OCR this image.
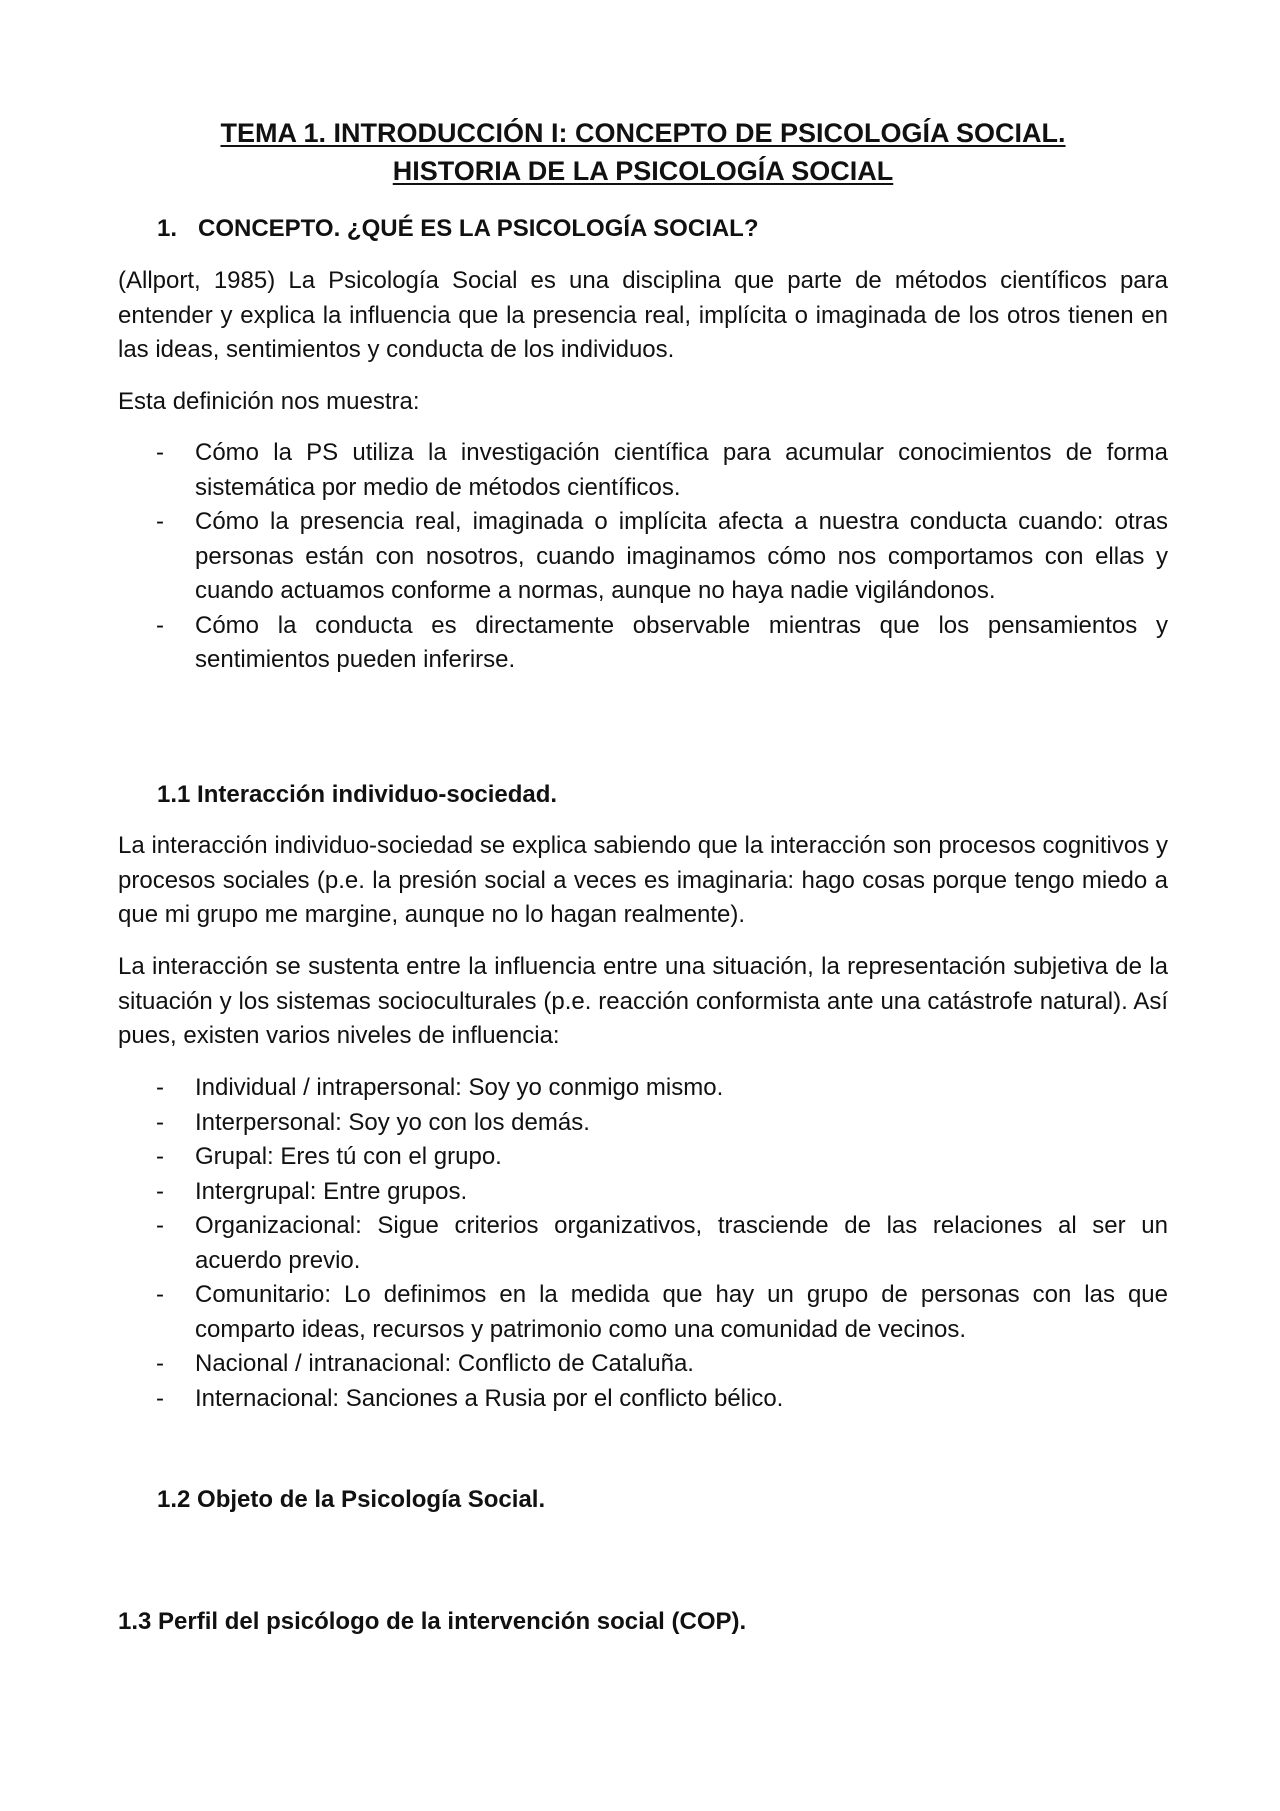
TEMA 1. INTRODUCCIÓN I: CONCEPTO DE PSICOLOGÍA SOCIAL.
HISTORIA DE LA PSICOLOGÍA SOCIAL
1. CONCEPTO. ¿QUÉ ES LA PSICOLOGÍA SOCIAL?
(Allport, 1985) La Psicología Social es una disciplina que parte de métodos científicos para entender y explica la influencia que la presencia real, implícita o imaginada de los otros tienen en las ideas, sentimientos y conducta de los individuos.
Esta definición nos muestra:
- Cómo la PS utiliza la investigación científica para acumular conocimientos de forma sistemática por medio de métodos científicos.
- Cómo la presencia real, imaginada o implícita afecta a nuestra conducta cuando: otras personas están con nosotros, cuando imaginamos cómo nos comportamos con ellas y cuando actuamos conforme a normas, aunque no haya nadie vigilándonos.
- Cómo la conducta es directamente observable mientras que los pensamientos y sentimientos pueden inferirse.
1.1 Interacción individuo-sociedad.
La interacción individuo-sociedad se explica sabiendo que la interacción son procesos cognitivos y procesos sociales (p.e. la presión social a veces es imaginaria: hago cosas porque tengo miedo a que mi grupo me margine, aunque no lo hagan realmente).
La interacción se sustenta entre la influencia entre una situación, la representación subjetiva de la situación y los sistemas socioculturales (p.e. reacción conformista ante una catástrofe natural). Así pues, existen varios niveles de influencia:
- Individual / intrapersonal: Soy yo conmigo mismo.
- Interpersonal: Soy yo con los demás.
- Grupal: Eres tú con el grupo.
- Intergrupal: Entre grupos.
- Organizacional: Sigue criterios organizativos, trasciende de las relaciones al ser un acuerdo previo.
- Comunitario: Lo definimos en la medida que hay un grupo de personas con las que comparto ideas, recursos y patrimonio como una comunidad de vecinos.
- Nacional / intranacional: Conflicto de Cataluña.
- Internacional: Sanciones a Rusia por el conflicto bélico.
1.2 Objeto de la Psicología Social.
1.3 Perfil del psicólogo de la intervención social (COP).
